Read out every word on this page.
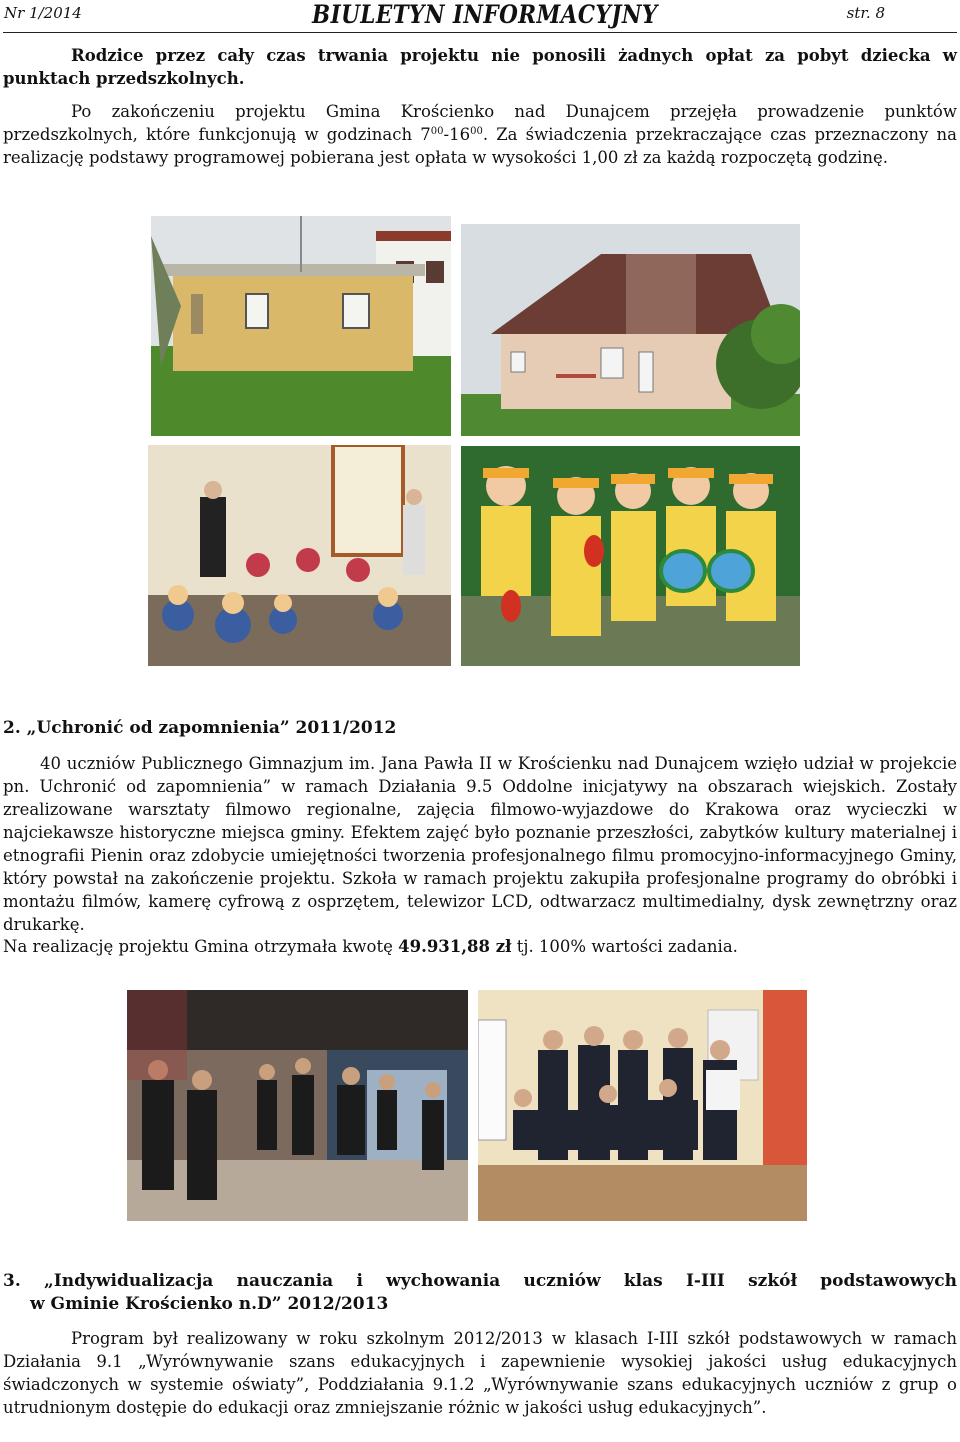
Nr 1/2014	BIULETYN INFORMACYJNY	str. 8

Rodzice przez cały czas trwania projektu nie ponosili żadnych opłat za pobyt dziecka w punktach przedszkolnych.

Po zakończeniu projektu Gmina Krościenko nad Dunajcem przejęła prowadzenie punktów przedszkolnych, które funkcjonują w godzinach $7^{00}-16^{00}$. Za świadczenia przekraczające czas przeznaczony na realizację podstawy programowej pobierana jest opłata w wysokości 1,00 zł za każdą rozpoczętą godzinę.

2. „Uchronić od zapomnienia” 2011/2012

40 uczniów Publicznego Gimnazjum im. Jana Pawła II w Krościenku nad Dunajcem wzięło udział w projekcie pn. Uchronić od zapomnienia” w ramach Działania 9.5 Oddolne inicjatywy na obszarach wiejskich. Zostały zrealizowane warsztaty filmowo regionalne, zajęcia filmowo-wyjazdowe do Krakowa oraz wycieczki w najciekawsze historyczne miejsca gminy. Efektem zajęć było poznanie przeszłości, zabytków kultury materialnej i etnografii Pienin oraz zdobycie umiejętności tworzenia profesjonalnego filmu promocyjno-informacyjnego Gminy, który powstał na zakończenie projektu. Szkoła w ramach projektu zakupiła profesjonalne programy do obróbki i montażu filmów, kamerę cyfrową z osprzętem, telewizor LCD, odtwarzacz multimedialny, dysk zewnętrzny oraz drukarkę.

Na realizację projektu Gmina otrzymała kwotę 49.931,88 zł tj. 100% wartości zadania.

3. „Indywidualizacja nauczania i wychowania uczniów klas I-III szkół podstawowych

w Gminie Krościenko n.D” 2012/2013

Program był realizowany w roku szkolnym 2012/2013 w klasach I-III szkół podstawowych w ramach Działania 9.1 „Wyrównywanie szans edukacyjnych i zapewnienie wysokiej jakości usług edukacyjnych świadczonych w systemie oświaty”, Poddziałania 9.1.2 „Wyrównywanie szans edukacyjnych uczniów z grup o utrudnionym dostępie do edukacji oraz zmniejszanie różnic w jakości usług edukacyjnych”.
